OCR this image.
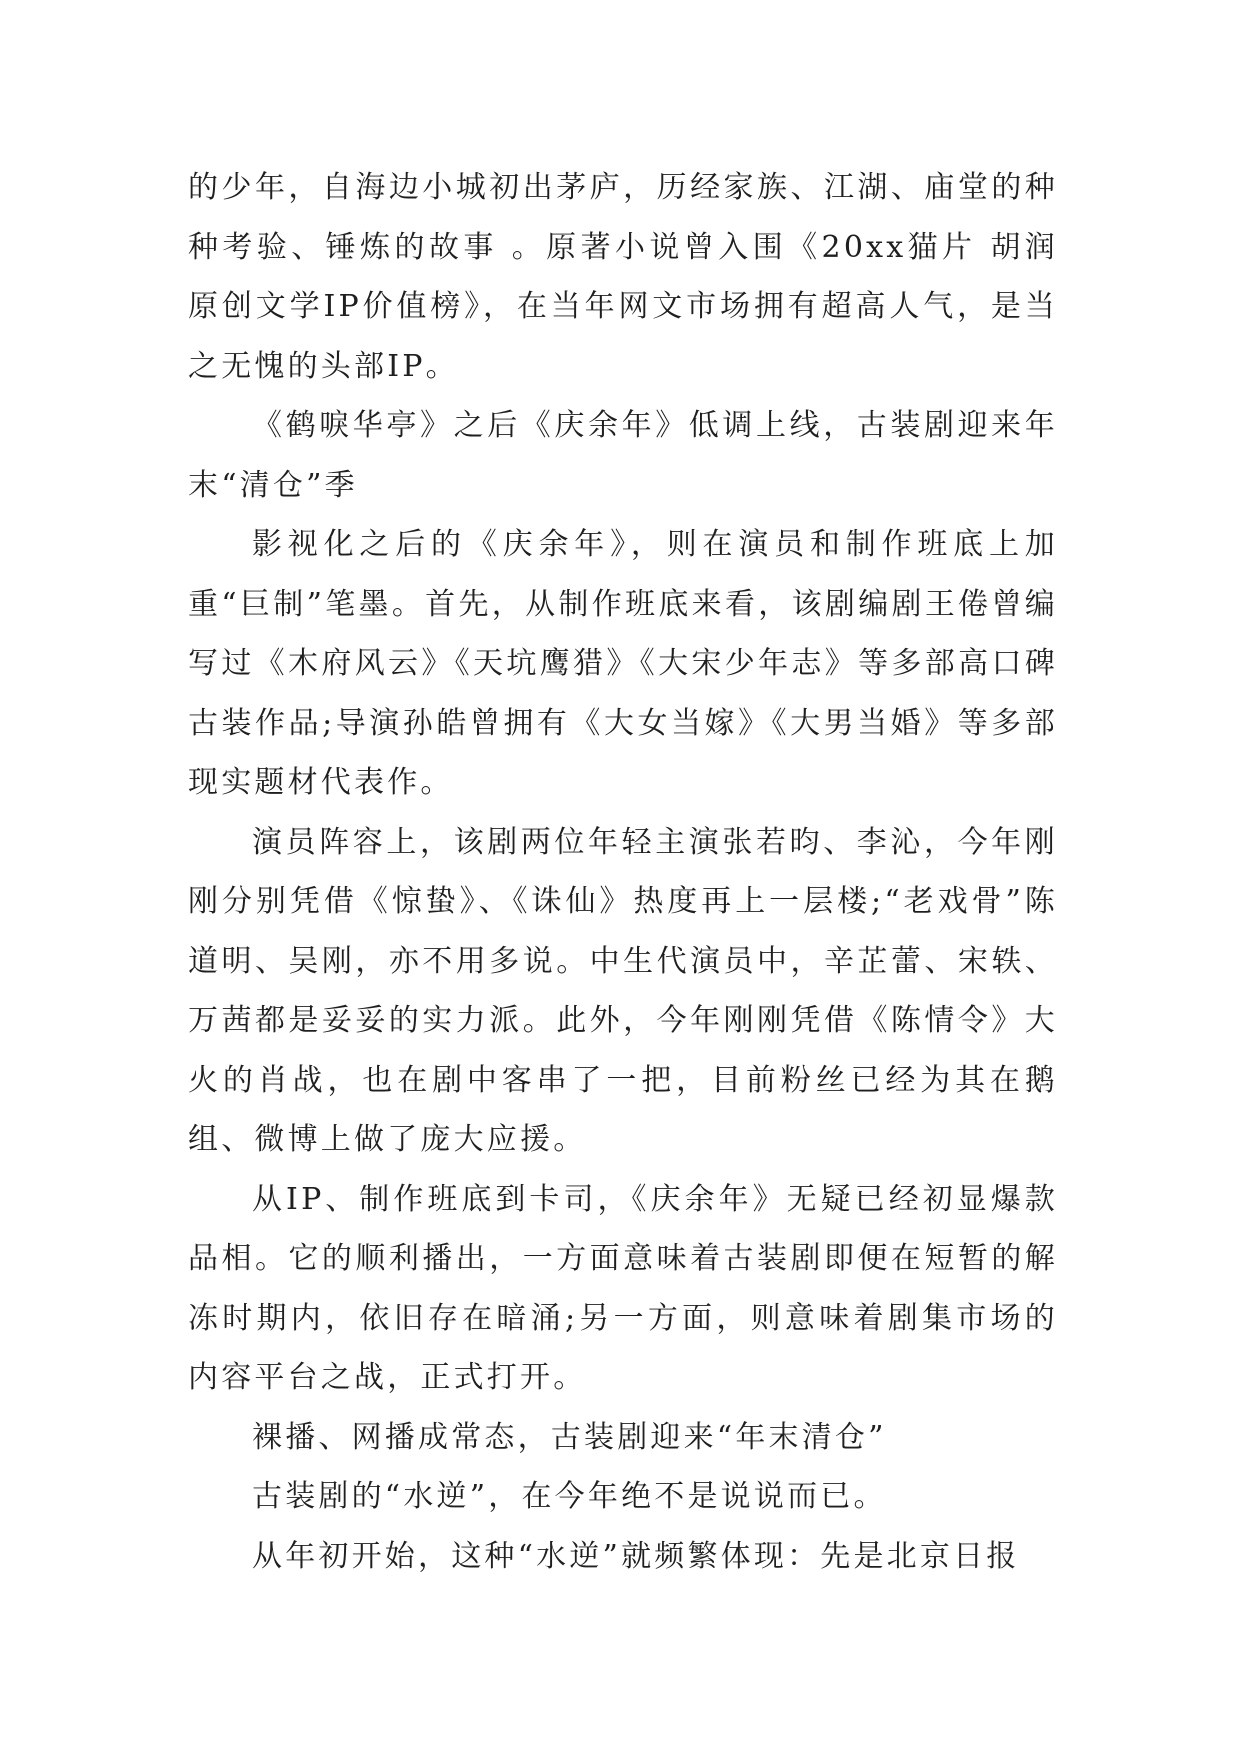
的少年，自海边小城初出茅庐，历经家族、江湖、庙堂的种种考验、锤炼的故事 。原著小说曾入围《20xx猫片 胡润原创文学IP价值榜》，在当年网文市场拥有超高人气，是当之无愧的头部IP。

《鹤唳华亭》之后《庆余年》低调上线，古装剧迎来年末“清仓”季

影视化之后的《庆余年》，则在演员和制作班底上加重“巨制”笔墨。首先，从制作班底来看，该剧编剧王倦曾编写过《木府风云》《天坑鹰猎》《大宋少年志》等多部高口碑古装作品;导演孙皓曾拥有《大女当嫁》《大男当婚》等多部现实题材代表作。

演员阵容上，该剧两位年轻主演张若昀、李沁，今年刚刚分别凭借《惊蛰》、《诛仙》热度再上一层楼;“老戏骨”陈道明、吴刚，亦不用多说。中生代演员中，辛芷蕾、宋轶、万茜都是妥妥的实力派。此外，今年刚刚凭借《陈情令》大火的肖战，也在剧中客串了一把，目前粉丝已经为其在鹅组、微博上做了庞大应援。

从IP、制作班底到卡司，《庆余年》无疑已经初显爆款品相。它的顺利播出，一方面意味着古装剧即便在短暂的解冻时期内，依旧存在暗涌;另一方面，则意味着剧集市场的内容平台之战，正式打开。

裸播、网播成常态，古装剧迎来“年末清仓”

古装剧的“水逆”，在今年绝不是说说而已。

从年初开始，这种“水逆”就频繁体现：先是北京日报
